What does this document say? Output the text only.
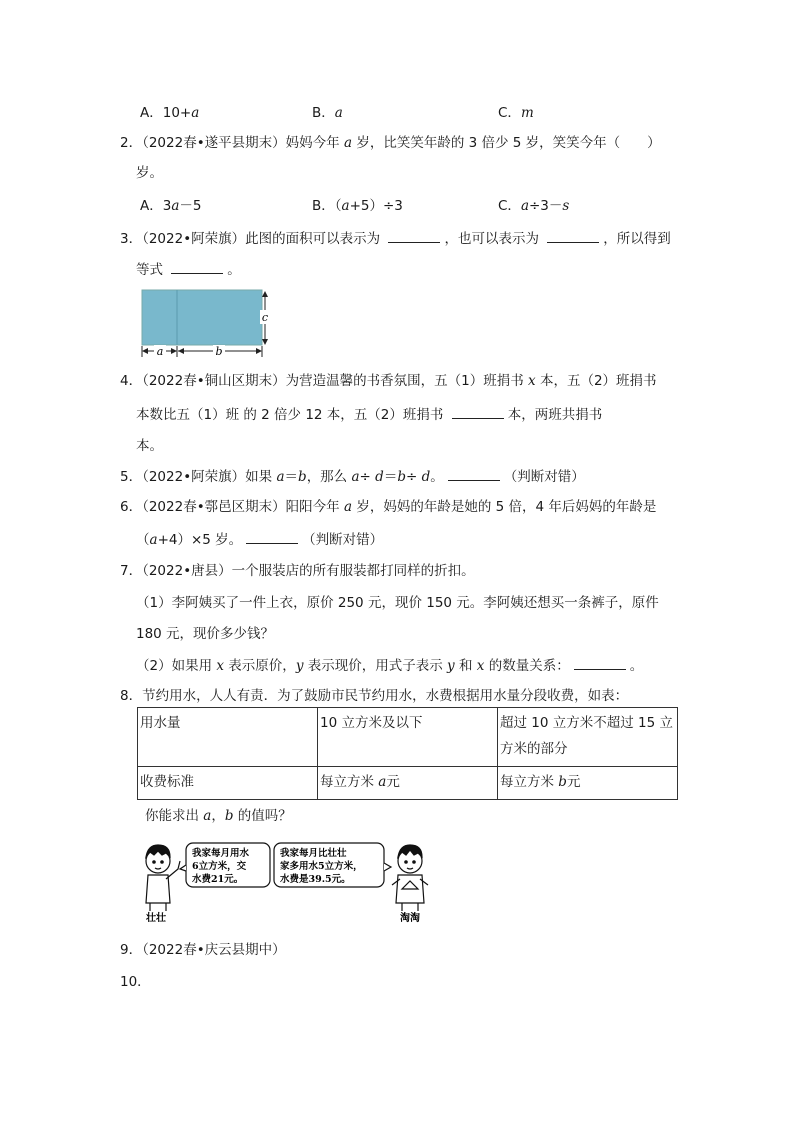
A．10+a	B．a	C．m
2．（2022春•遂平县期末）妈妈今年 a 岁，比笑笑年龄的 3 倍少 5 岁，笑笑今年（　　）
岁。
A．3a－5	B．（a+5）÷3	C．a÷3－s
3．（2022•阿荣旗）此图的面积可以表示为	，也可以表示为	，所以得到
等式	。
c
a	b
4．（2022春•铜山区期末）为营造温馨的书香氛围，五（1）班捐书 x 本，五（2）班捐书
本数比五（1）班 的 2 倍少 12 本，五（2）班捐书	本，两班共捐书
本。
5．（2022•阿荣旗）如果 a＝b，那么 a÷ d＝b÷ d。	（判断对错）
6．（2022春•鄠邑区期末）阳阳今年 a 岁，妈妈的年龄是她的 5 倍，4 年后妈妈的年龄是
（a+4）×5 岁。	（判断对错）
7．（2022•唐县）一个服装店的所有服装都打同样的折扣。
（1）李阿姨买了一件上衣，原价 250 元，现价 150 元。李阿姨还想买一条裤子，原件
180 元，现价多少钱？
（2）如果用 x 表示原价，y 表示现价，用式子表示 y 和 x 的数量关系：	。
8．节约用水，人人有责．为了鼓励市民节约用水，水费根据用水量分段收费，如表：
用水量	10 立方米及以下	超过 10 立方米不超过 15 立方米的部分
收费标准	每立方米 a元	每立方米 b元
你能求出 a，b 的值吗？
壮壮
我家每月用水
6立方米，交
水费21元。
我家每月比壮壮
家多用水5立方米，
水费是39.5元。
淘淘
9．（2022春•庆云县期中）
10．
